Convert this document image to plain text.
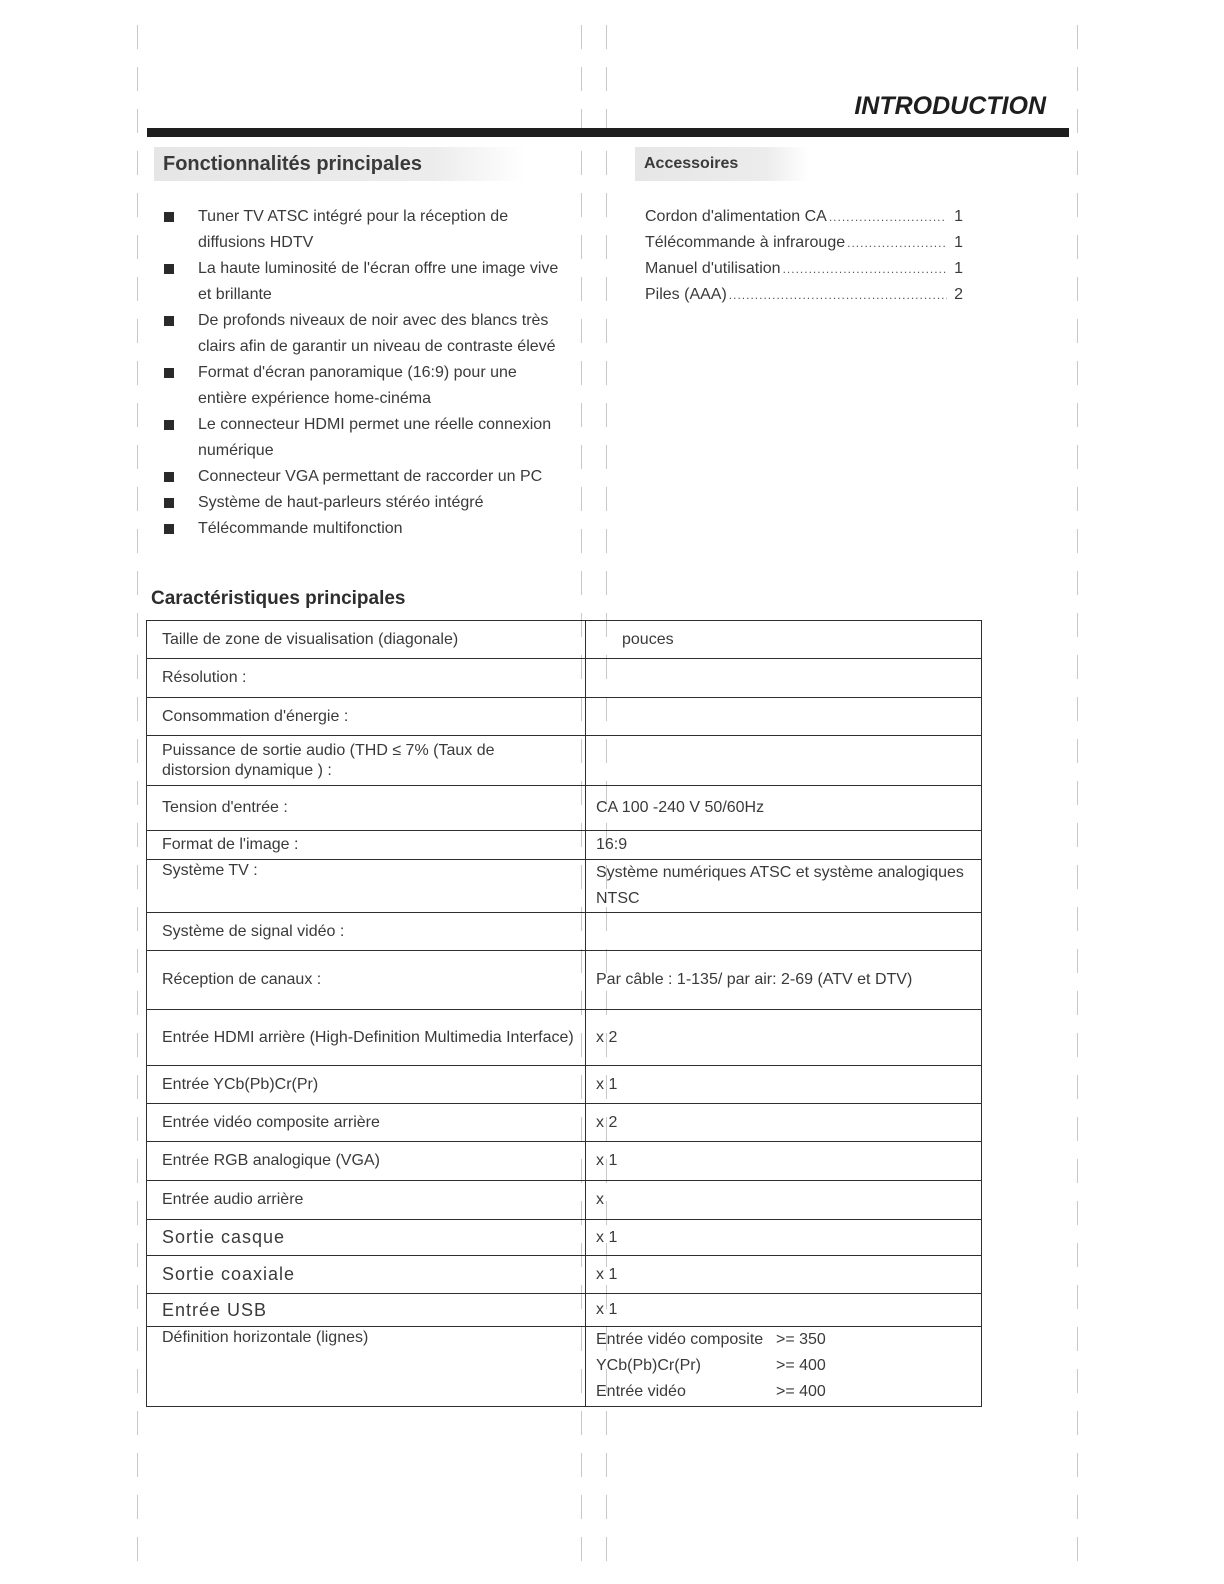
INTRODUCTION
Fonctionnalités principales
Tuner TV ATSC intégré pour la réception de
diffusions HDTV
La haute luminosité de l'écran offre une image vive
et brillante
De profonds niveaux de noir avec des blancs très
clairs afin de garantir un niveau de contraste élevé
Format d'écran panoramique (16:9) pour une
entière expérience home-cinéma
Le connecteur HDMI permet une réelle connexion
numérique
Connecteur VGA permettant de raccorder un PC
Système de haut-parleurs stéréo intégré
Télécommande multifonction
Accessoires
Cordon d'alimentation CA .....	1
Télécommande à infrarouge .....	1
Manuel d'utilisation .....	1
Piles (AAA) .....	2
Caractéristiques principales
Taille de zone de visualisation (diagonale)	pouces
Résolution :	
Consommation d'énergie :	
Puissance de sortie audio (THD ≤ 7% (Taux de distorsion dynamique ) :	
Tension d'entrée :	CA 100 -240 V 50/60Hz
Format de l'image :	16:9
Système TV :	Système numériques ATSC et système analogiques NTSC
Système de signal vidéo :	
Réception de canaux :	Par câble : 1-135/ par air: 2-69 (ATV et DTV)
Entrée HDMI arrière (High-Definition Multimedia Interface)	x 2
Entrée YCb(Pb)Cr(Pr)	x 1
Entrée vidéo composite arrière	x 2
Entrée RGB analogique (VGA)	x 1
Entrée audio arrière	x
Sortie casque	x 1
Sortie coaxiale	x 1
Entrée USB	x 1
Définition horizontale (lignes)	Entrée vidéo composite >= 350
YCb(Pb)Cr(Pr) >= 400
Entrée vidéo >= 400
